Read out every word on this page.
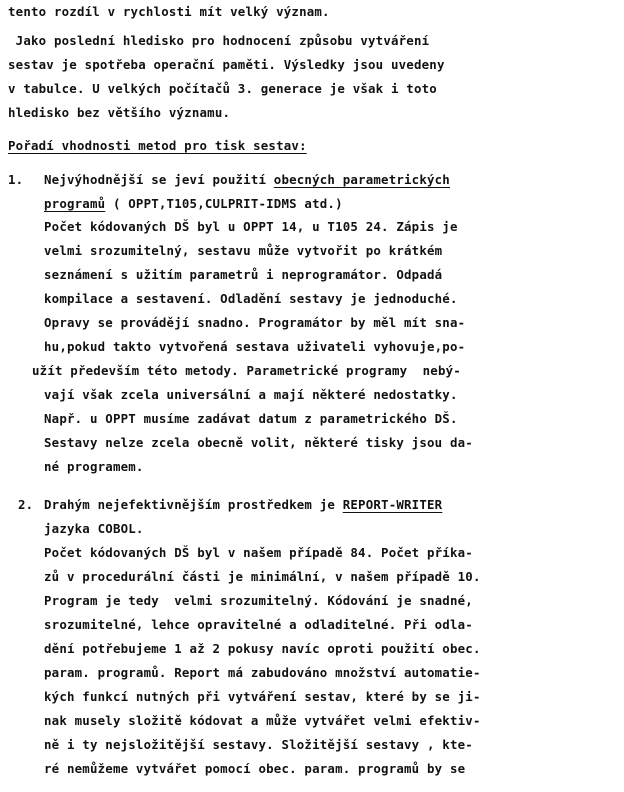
tento rozdíl v rychlosti mít velký význam.
Jako poslední hledisko pro hodnocení způsobu vytváření
sestav je spotřeba operační paměti. Výsledky jsou uvedeny
v tabulce. U velkých počítačů 3. generace je však i toto
hledisko bez většího významu.
Pořadí vhodnosti metod pro tisk sestav:
1. Nejvýhodnější se jeví použití obecných parametrických
programů ( OPPT,T105,CULPRIT-IDMS atd.)
Počet kódovaných DŠ byl u OPPT 14, u T105 24. Zápis je
velmi srozumitelný, sestavu může vytvořit po krátkém
seznámení s užitím parametrů i neprogramátor. Odpadá
kompilace a sestavení. Odladění sestavy je jednoduché.
Opravy se provádějí snadno. Programátor by měl mít sna-
hu,pokud takto vytvořená sestava uživateli vyhovuje,po-
užít především této metody. Parametrické programy  nebý-
vají však zcela universální a mají některé nedostatky.
Např. u OPPT musíme zadávat datum z parametrického DŠ.
Sestavy nelze zcela obecně volit, některé tisky jsou da-
né programem.
2. Drahým nejefektivnějším prostředkem je REPORT-WRITER
jazyka COBOL.
Počet kódovaných DŠ byl v našem případě 84. Počet příka-
zů v procedurální části je minimální, v našem případě 10.
Program je tedy  velmi srozumitelný. Kódování je snadné,
srozumitelné, lehce opravitelné a odladitelné. Při odla-
dění potřebujeme 1 až 2 pokusy navíc oproti použití obec.
param. programů. Report má zabudováno množství automatie-
kých funkcí nutných při vytváření sestav, které by se ji-
nak musely složitě kódovat a může vytvářet velmi efektiv-
ně i ty nejsložitější sestavy. Složitější sestavy , kte-
ré nemůžeme vytvářet pomocí obec. param. programů by se
